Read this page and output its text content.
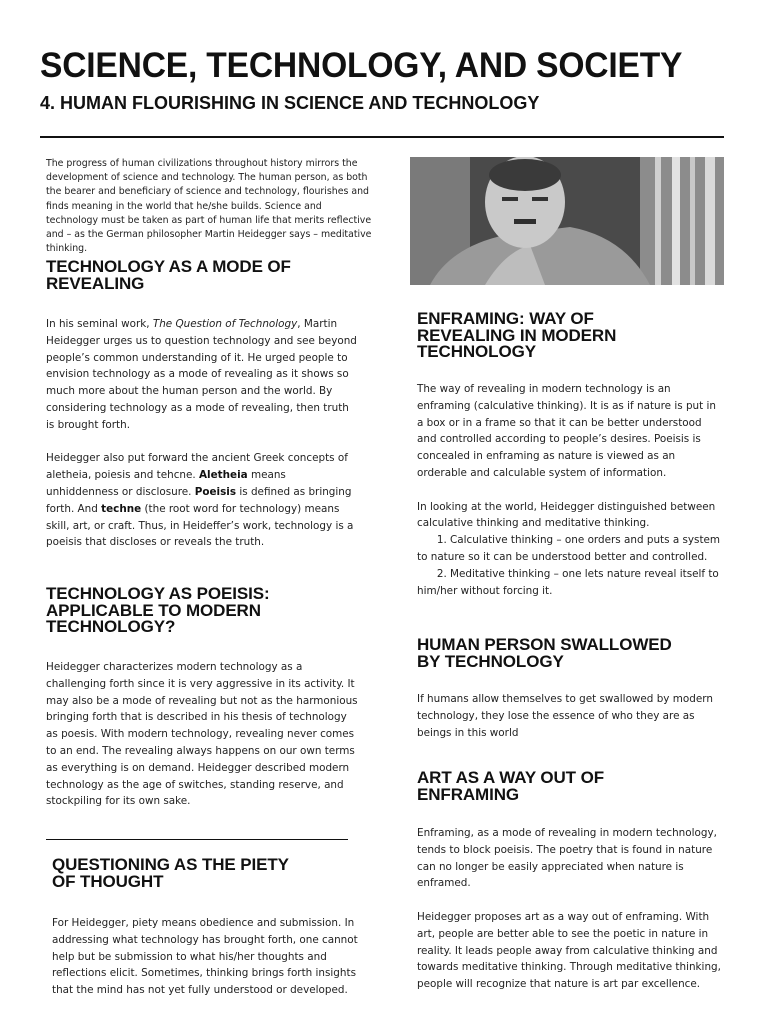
SCIENCE, TECHNOLOGY, AND SOCIETY
4. HUMAN FLOURISHING IN SCIENCE AND TECHNOLOGY

The progress of human civilizations throughout history mirrors the development of science and technology. The human person, as both the bearer and beneficiary of science and technology, flourishes and finds meaning in the world that he/she builds. Science and technology must be taken as part of human life that merits reflective and – as the German philosopher Martin Heidegger says – meditative thinking.

TECHNOLOGY AS A MODE OF
REVEALING
In his seminal work, The Question of Technology, Martin Heidegger urges us to question technology and see beyond people’s common understanding of it. He urged people to envision technology as a mode of revealing as it shows so much more about the human person and the world. By considering technology as a mode of revealing, then truth is brought forth.
Heidegger also put forward the ancient Greek concepts of aletheia, poiesis and tehcne. Aletheia means unhiddenness or disclosure. Poeisis is defined as bringing forth. And techne (the root word for technology) means skill, art, or craft. Thus, in Heideffer’s work, technology is a poeisis that discloses or reveals the truth.
TECHNOLOGY AS POEISIS:
APPLICABLE TO MODERN
TECHNOLOGY?
Heidegger characterizes modern technology as a challenging forth since it is very aggressive in its activity. It may also be a mode of revealing but not as the harmonious bringing forth that is described in his thesis of technology as poesis. With modern technology, revealing never comes to an end. The revealing always happens on our own terms as everything is on demand. Heidegger described modern technology as the age of switches, standing reserve, and stockpiling for its own sake.
QUESTIONING AS THE PIETY
OF THOUGHT
For Heidegger, piety means obedience and submission. In addressing what technology has brought forth, one cannot help but be submission to what his/her thoughts and reflections elicit. Sometimes, thinking brings forth insights that the mind has not yet fully understood or developed.
ENFRAMING: WAY OF
REVEALING IN MODERN
TECHNOLOGY
The way of revealing in modern technology is an enframing (calculative thinking). It is as if nature is put in a box or in a frame so that it can be better understood and controlled according to people’s desires. Poeisis is concealed in enframing as nature is viewed as an orderable and calculable system of information.
In looking at the world, Heidegger distinguished between calculative thinking and meditative thinking.
1. Calculative thinking – one orders and puts a system to nature so it can be understood better and controlled.
2. Meditative thinking – one lets nature reveal itself to him/her without forcing it.
HUMAN PERSON SWALLOWED
BY TECHNOLOGY
If humans allow themselves to get swallowed by modern technology, they lose the essence of who they are as beings in this world
ART AS A WAY OUT OF
ENFRAMING
Enframing, as a mode of revealing in modern technology, tends to block poeisis. The poetry that is found in nature can no longer be easily appreciated when nature is enframed.
Heidegger proposes art as a way out of enframing. With art, people are better able to see the poetic in nature in reality. It leads people away from calculative thinking and towards meditative thinking. Through meditative thinking, people will recognize that nature is art par excellence.
